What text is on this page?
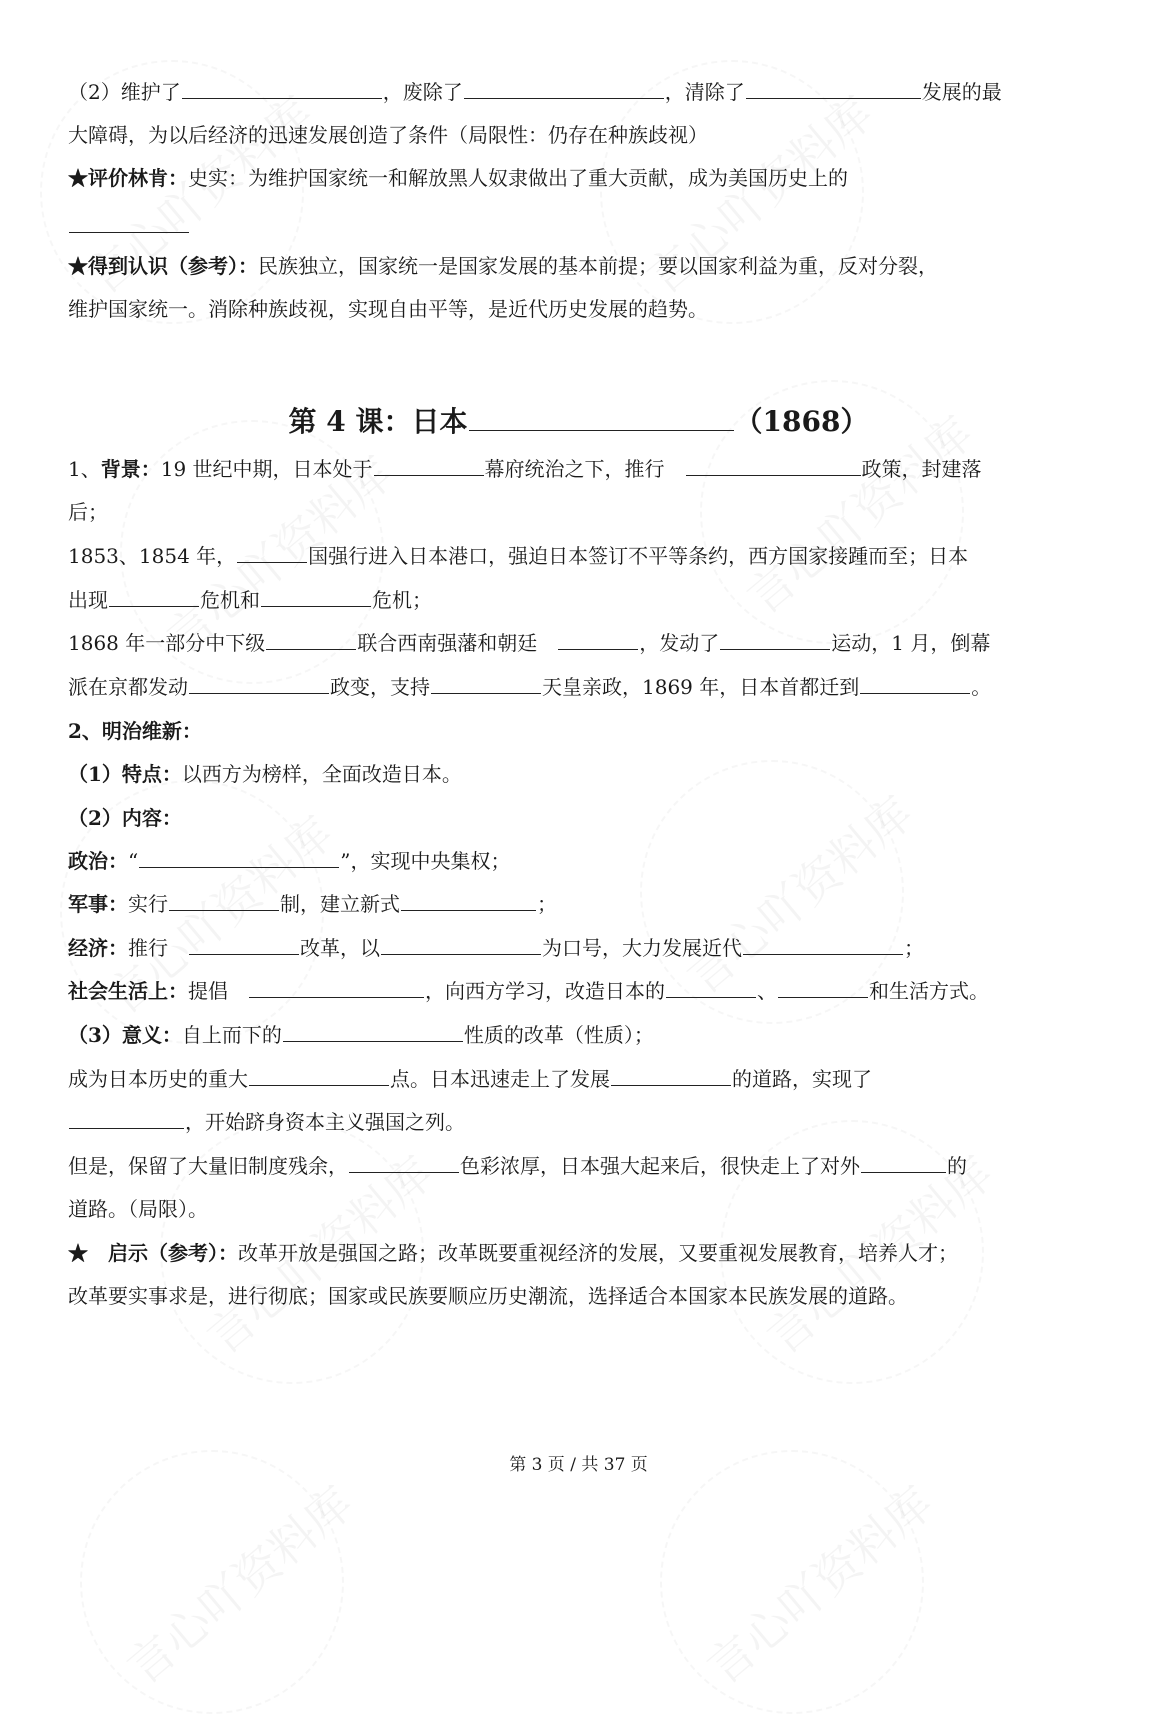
（2）维护了	，废除了	，清除了	发展的最
大障碍，为以后经济的迅速发展创造了条件（局限性：仍存在种族歧视）
★评价林肯：史实：为维护国家统一和解放黑人奴隶做出了重大贡献，成为美国历史上的
★得到认识（参考）：民族独立，国家统一是国家发展的基本前提；要以国家利益为重，反对分裂，
维护国家统一。消除种族歧视，实现自由平等，是近代历史发展的趋势。
1、背景：19 世纪中期，日本处于	幕府统治之下，推行　	政策，封建落
后；
1853、1854 年，	国强行进入日本港口，强迫日本签订不平等条约，西方国家接踵而至；日本
出现	危机和	危机；
1868 年一部分中下级	联合西南强藩和朝廷　	，发动了	运动，1 月，倒幕
派在京都发动	政变，支持	天皇亲政，1869 年，日本首都迁到	。
2、明治维新：
（1）特点：以西方为榜样，全面改造日本。
（2）内容：
政治：“	”，实现中央集权；
军事：实行	制，建立新式	；
经济：推行　	改革，以	为口号，大力发展近代	；
社会生活上：提倡　	，向西方学习，改造日本的	、	和生活方式。
（3）意义：自上而下的	性质的改革（性质）；
成为日本历史的重大	点。日本迅速走上了发展	的道路，实现了
，开始跻身资本主义强国之列。
但是，保留了大量旧制度残余，	色彩浓厚，日本强大起来后，很快走上了对外	的
道路。（局限）。
★　启示（参考）：改革开放是强国之路；改革既要重视经济的发展，又要重视发展教育，培养人才；
改革要实事求是，进行彻底；国家或民族要顺应历史潮流，选择适合本国家本民族发展的道路。
第 4 课：日本	（1868）
第 3 页 / 共 37 页
